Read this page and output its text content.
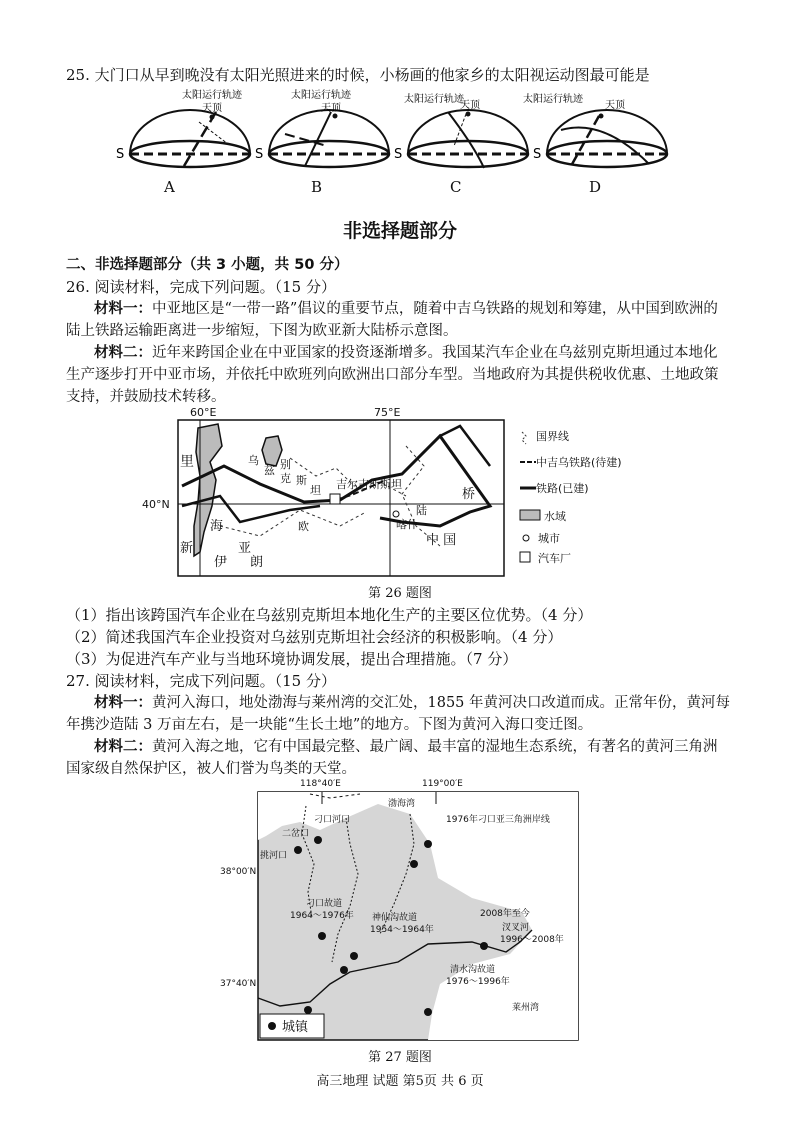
25. 大门口从早到晚没有太阳光照进来的时候，小杨画的他家乡的太阳视运动图最可能是
太阳运行轨迹
天顶
S
太阳运行轨迹
天顶
S
太阳运行轨迹
天顶
S
太阳运行轨迹
天顶
S
A	B	C	D
非选择题部分
二、非选择题部分（共 3 小题，共 50 分）
26. 阅读材料，完成下列问题。（15 分）
材料一：中亚地区是“一带一路”倡议的重要节点，随着中吉乌铁路的规划和筹建，从中国到欧洲的陆上铁路运输距离进一步缩短，下图为欧亚新大陆桥示意图。
材料二：近年来跨国企业在中亚国家的投资逐渐增多。我国某汽车企业在乌兹别克斯坦通过本地化生产逐步打开中亚市场，并依托中欧班列向欧洲出口部分车型。当地政府为其提供税收优惠、土地政策支持，并鼓励技术转移。
60°E	75°E
40°N
里
海
新	亚
伊 朗
乌
兹 别
克 斯
坦 吉尔吉斯斯坦
喀什
陆
桥
中 国
欧
国界线
中吉乌铁路(待建)
铁路(已建)
水域
城市
汽车厂
第 26 题图
（1）指出该跨国汽车企业在乌兹别克斯坦本地化生产的主要区位优势。（4 分）
（2）简述我国汽车企业投资对乌兹别克斯坦社会经济的积极影响。（4 分）
（3）为促进汽车产业与当地环境协调发展，提出合理措施。（7 分）
27. 阅读材料，完成下列问题。（15 分）
材料一：黄河入海口，地处渤海与莱州湾的交汇处，1855 年黄河决口改道而成。正常年份，黄河每年携沙造陆 3 万亩左右，是一块能“生长土地”的地方。下图为黄河入海口变迁图。
材料二：黄河入海之地，它有中国最完整、最广阔、最丰富的湿地生态系统，有著名的黄河三角洲国家级自然保护区，被人们誉为鸟类的天堂。
118°40′E	119°00′E
38°00′N
37°40′N
渤海湾
1976年刁口亚三角洲岸线
刁口河口
二岔口
挑河口
刁口故道
1964～1976年 神仙沟故道
1954～1964年
清水沟故道
1976～1996年
2008年至今
汊叉河
1996～2008年
莱州湾
城镇
第 27 题图
高三地理 试题 第5页 共 6 页
